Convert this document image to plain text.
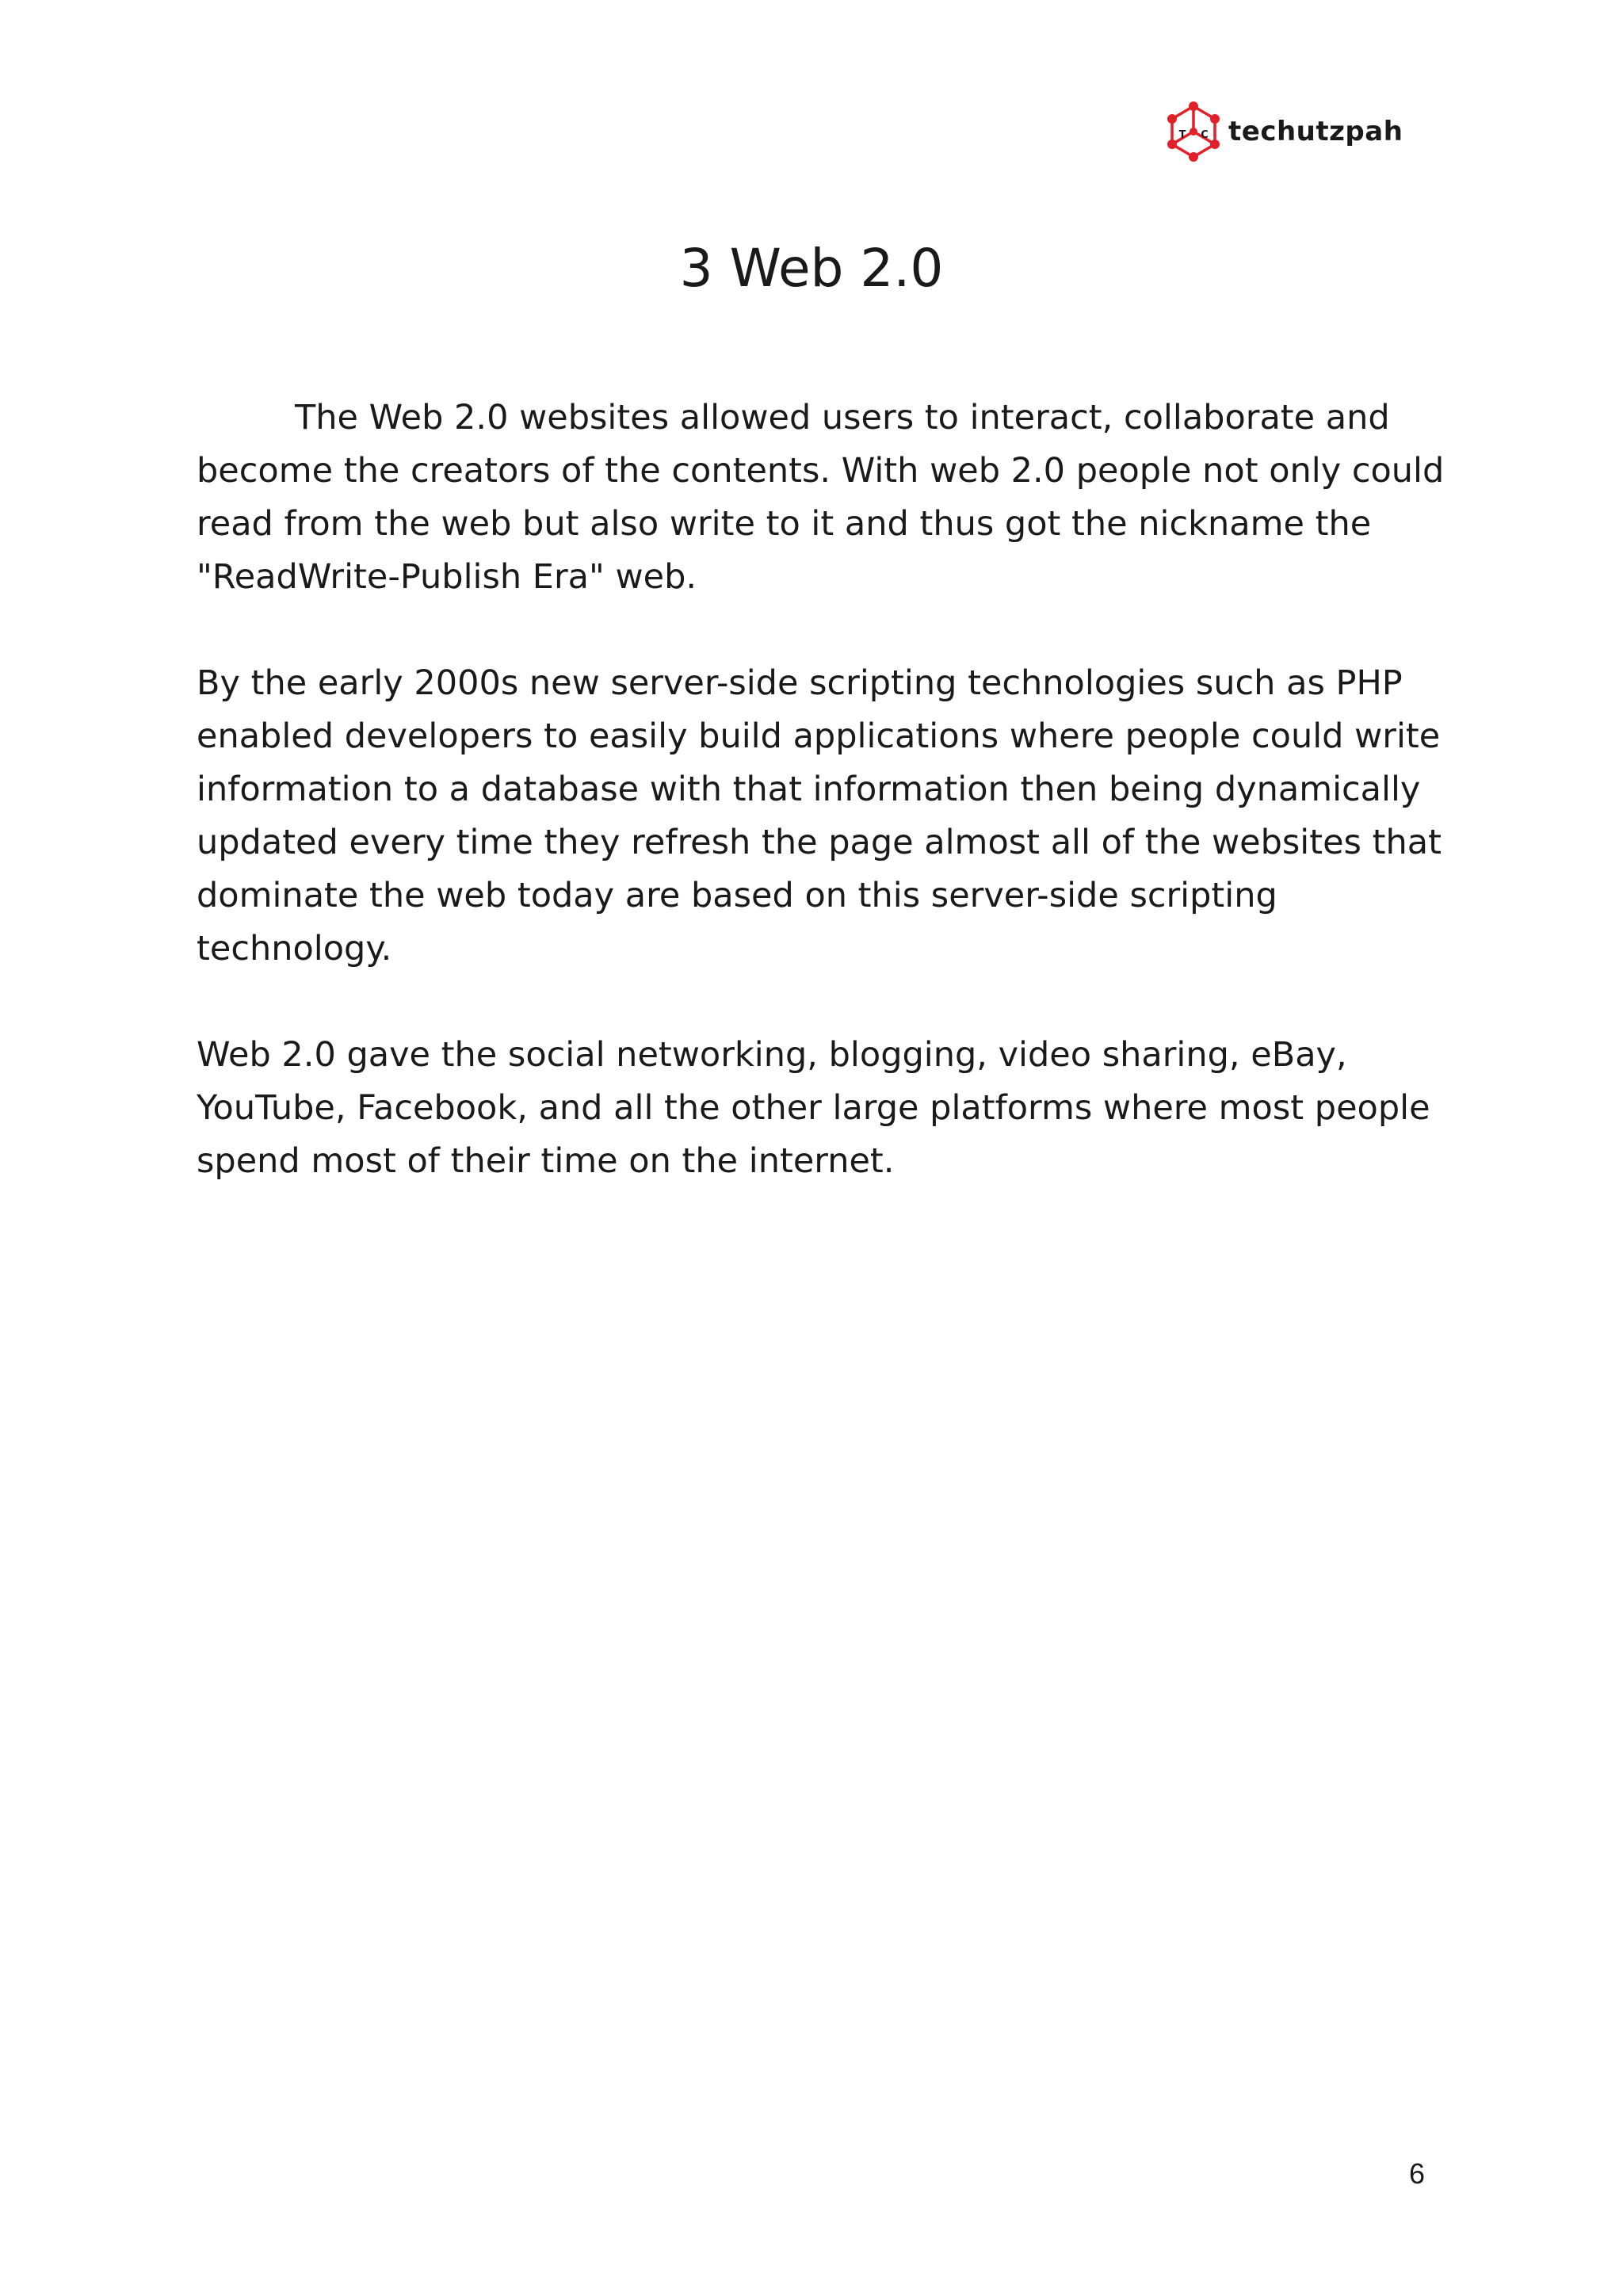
T C techutzpah
3 Web 2.0

The Web 2.0 websites allowed users to interact, collaborate and become the creators of the contents. With web 2.0 people not only could read from the web but also write to it and thus got the nickname the "ReadWrite-Publish Era" web.

By the early 2000s new server-side scripting technologies such as PHP enabled developers to easily build applications where people could write information to a database with that information then being dynamically updated every time they refresh the page almost all of the websites that dominate the web today are based on this server-side scripting technology.

Web 2.0 gave the social networking, blogging, video sharing, eBay, YouTube, Facebook, and all the other large platforms where most people spend most of their time on the internet.

6
